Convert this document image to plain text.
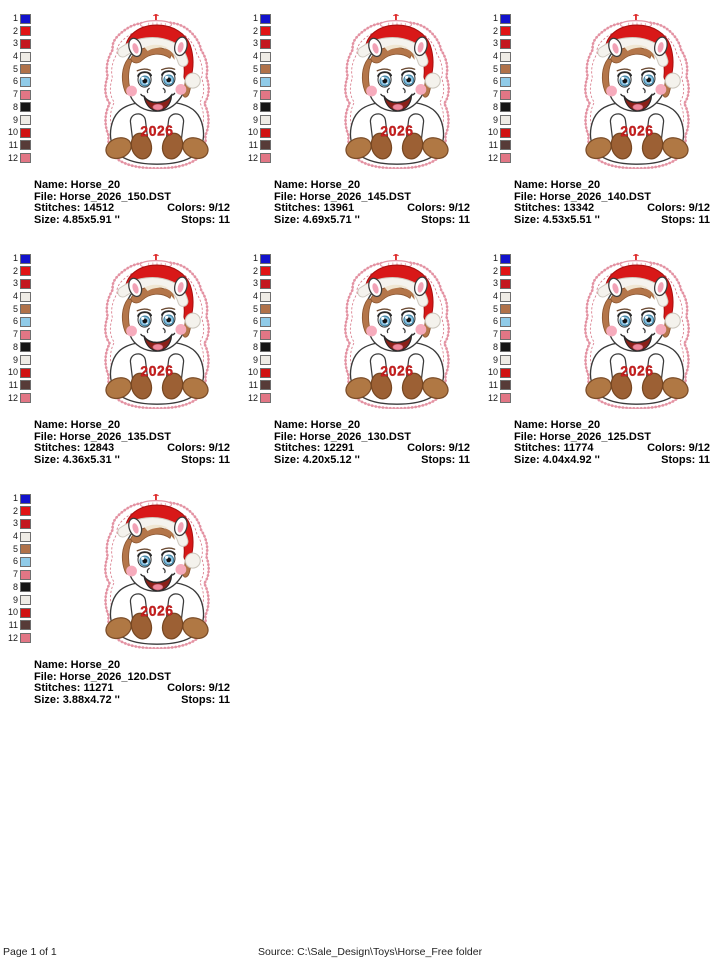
1
2
3
4
5
6
7
8
9
10
11
12
Name: Horse_20
File: Horse_2026_150.DST
Stitches: 14512	Colors: 9/12
Size: 4.85x5.91 ''	Stops: 11
1
2
3
4
5
6
7
8
9
10
11
12
Name: Horse_20
File: Horse_2026_145.DST
Stitches: 13961	Colors: 9/12
Size: 4.69x5.71 ''	Stops: 11
1
2
3
4
5
6
7
8
9
10
11
12
Name: Horse_20
File: Horse_2026_140.DST
Stitches: 13342	Colors: 9/12
Size: 4.53x5.51 ''	Stops: 11
1
2
3
4
5
6
7
8
9
10
11
12
Name: Horse_20
File: Horse_2026_135.DST
Stitches: 12843	Colors: 9/12
Size: 4.36x5.31 ''	Stops: 11
1
2
3
4
5
6
7
8
9
10
11
12
Name: Horse_20
File: Horse_2026_130.DST
Stitches: 12291	Colors: 9/12
Size: 4.20x5.12 ''	Stops: 11
1
2
3
4
5
6
7
8
9
10
11
12
Name: Horse_20
File: Horse_2026_125.DST
Stitches: 11774	Colors: 9/12
Size: 4.04x4.92 ''	Stops: 11
1
2
3
4
5
6
7
8
9
10
11
12
Name: Horse_20
File: Horse_2026_120.DST
Stitches: 11271	Colors: 9/12
Size: 3.88x4.72 ''	Stops: 11
Page 1 of 1	Source: C:\Sale_Design\Toys\Horse_Free folder
